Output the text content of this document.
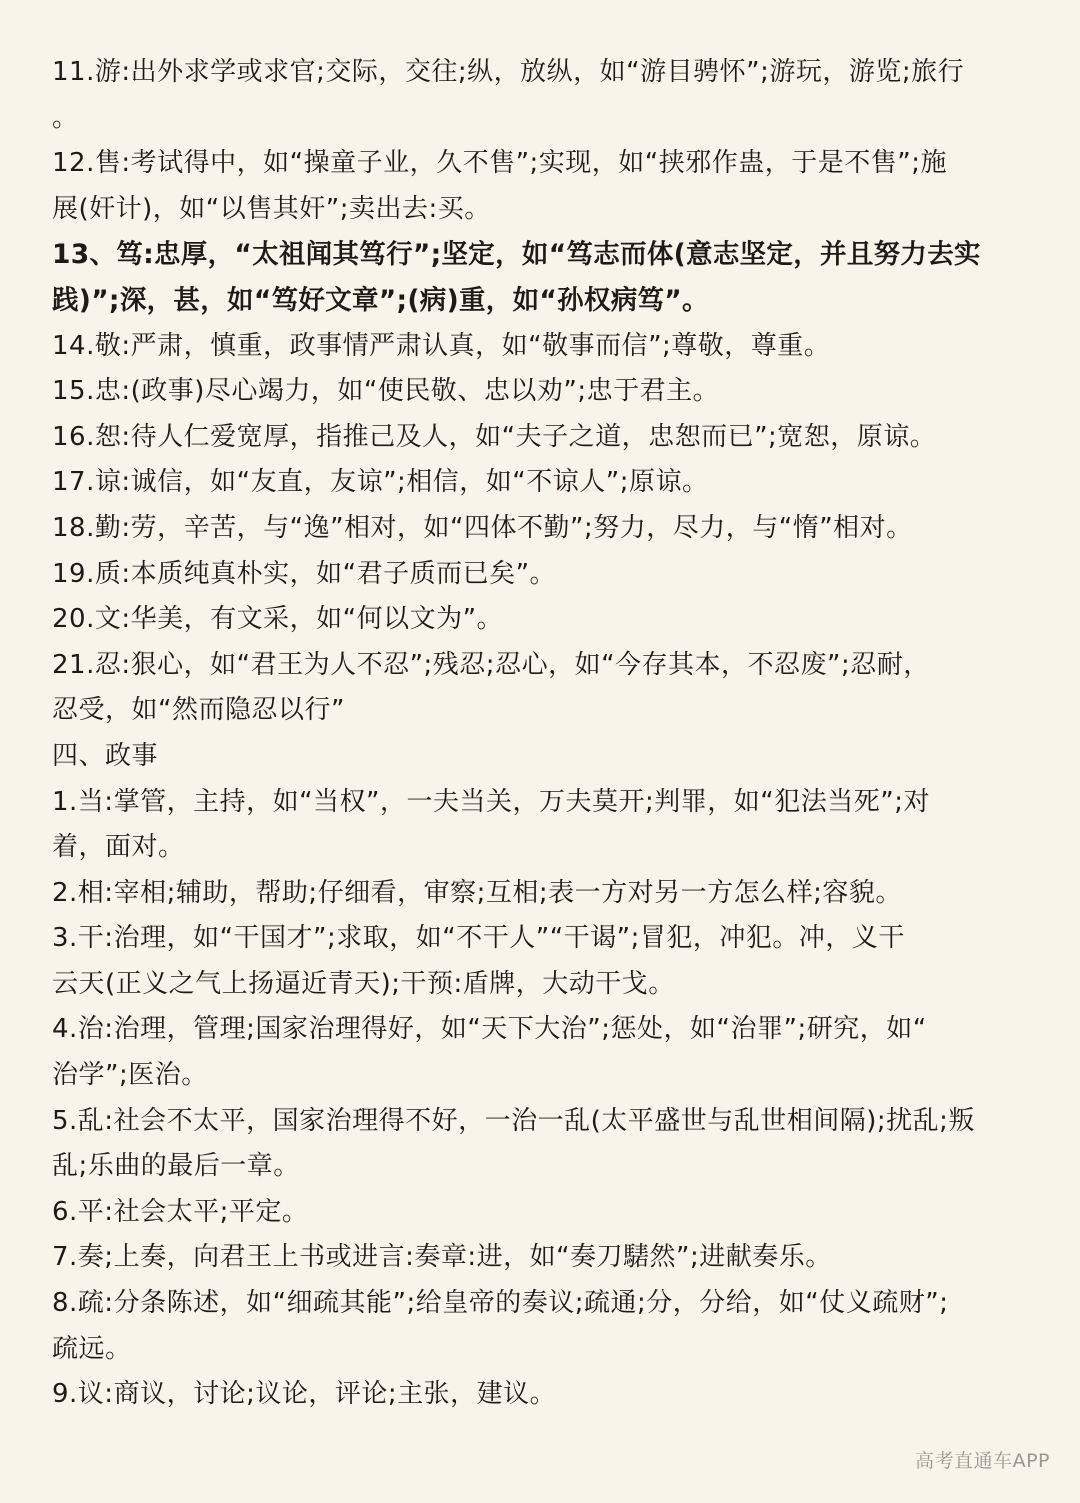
11.游:出外求学或求官;交际，交往;纵，放纵，如“游目骋怀”;游玩，游览;旅行
。
12.售:考试得中，如“操童子业，久不售”;实现，如“挟邪作蛊，于是不售”;施
展(奸计)，如“以售其奸”;卖出去:买。
13、笃:忠厚，“太祖闻其笃行”;坚定，如“笃志而体(意志坚定，并且努力去实
践)”;深，甚，如“笃好文章”;(病)重，如“孙权病笃”。
14.敬:严肃，慎重，政事情严肃认真，如“敬事而信”;尊敬，尊重。
15.忠:(政事)尽心竭力，如“使民敬、忠以劝”;忠于君主。
16.恕:待人仁爱宽厚，指推己及人，如“夫子之道，忠恕而已”;宽恕，原谅。
17.谅:诚信，如“友直，友谅”;相信，如“不谅人”;原谅。
18.勤:劳，辛苦，与“逸”相对，如“四体不勤”;努力，尽力，与“惰”相对。
19.质:本质纯真朴实，如“君子质而已矣”。
20.文:华美，有文采，如“何以文为”。
21.忍:狠心，如“君王为人不忍”;残忍;忍心，如“今存其本，不忍废”;忍耐，
忍受，如“然而隐忍以行”
四、政事
1.当:掌管，主持，如“当权”，一夫当关，万夫莫开;判罪，如“犯法当死”;对
着，面对。
2.相:宰相;辅助，帮助;仔细看，审察;互相;表一方对另一方怎么样;容貌。
3.干:治理，如“干国才”;求取，如“不干人”“干谒”;冒犯，冲犯。冲，义干
云天(正义之气上扬逼近青天);干预:盾牌，大动干戈。
4.治:治理，管理;国家治理得好，如“天下大治”;惩处，如“治罪”;研究，如“
治学”;医治。
5.乱:社会不太平，国家治理得不好，一治一乱(太平盛世与乱世相间隔);扰乱;叛
乱;乐曲的最后一章。
6.平:社会太平;平定。
7.奏;上奏，向君王上书或进言:奏章:进，如“奏刀騞然”;进献奏乐。
8.疏:分条陈述，如“细疏其能”;给皇帝的奏议;疏通;分，分给，如“仗义疏财”;
疏远。
9.议:商议，讨论;议论，评论;主张，建议。
高考直通车APP
